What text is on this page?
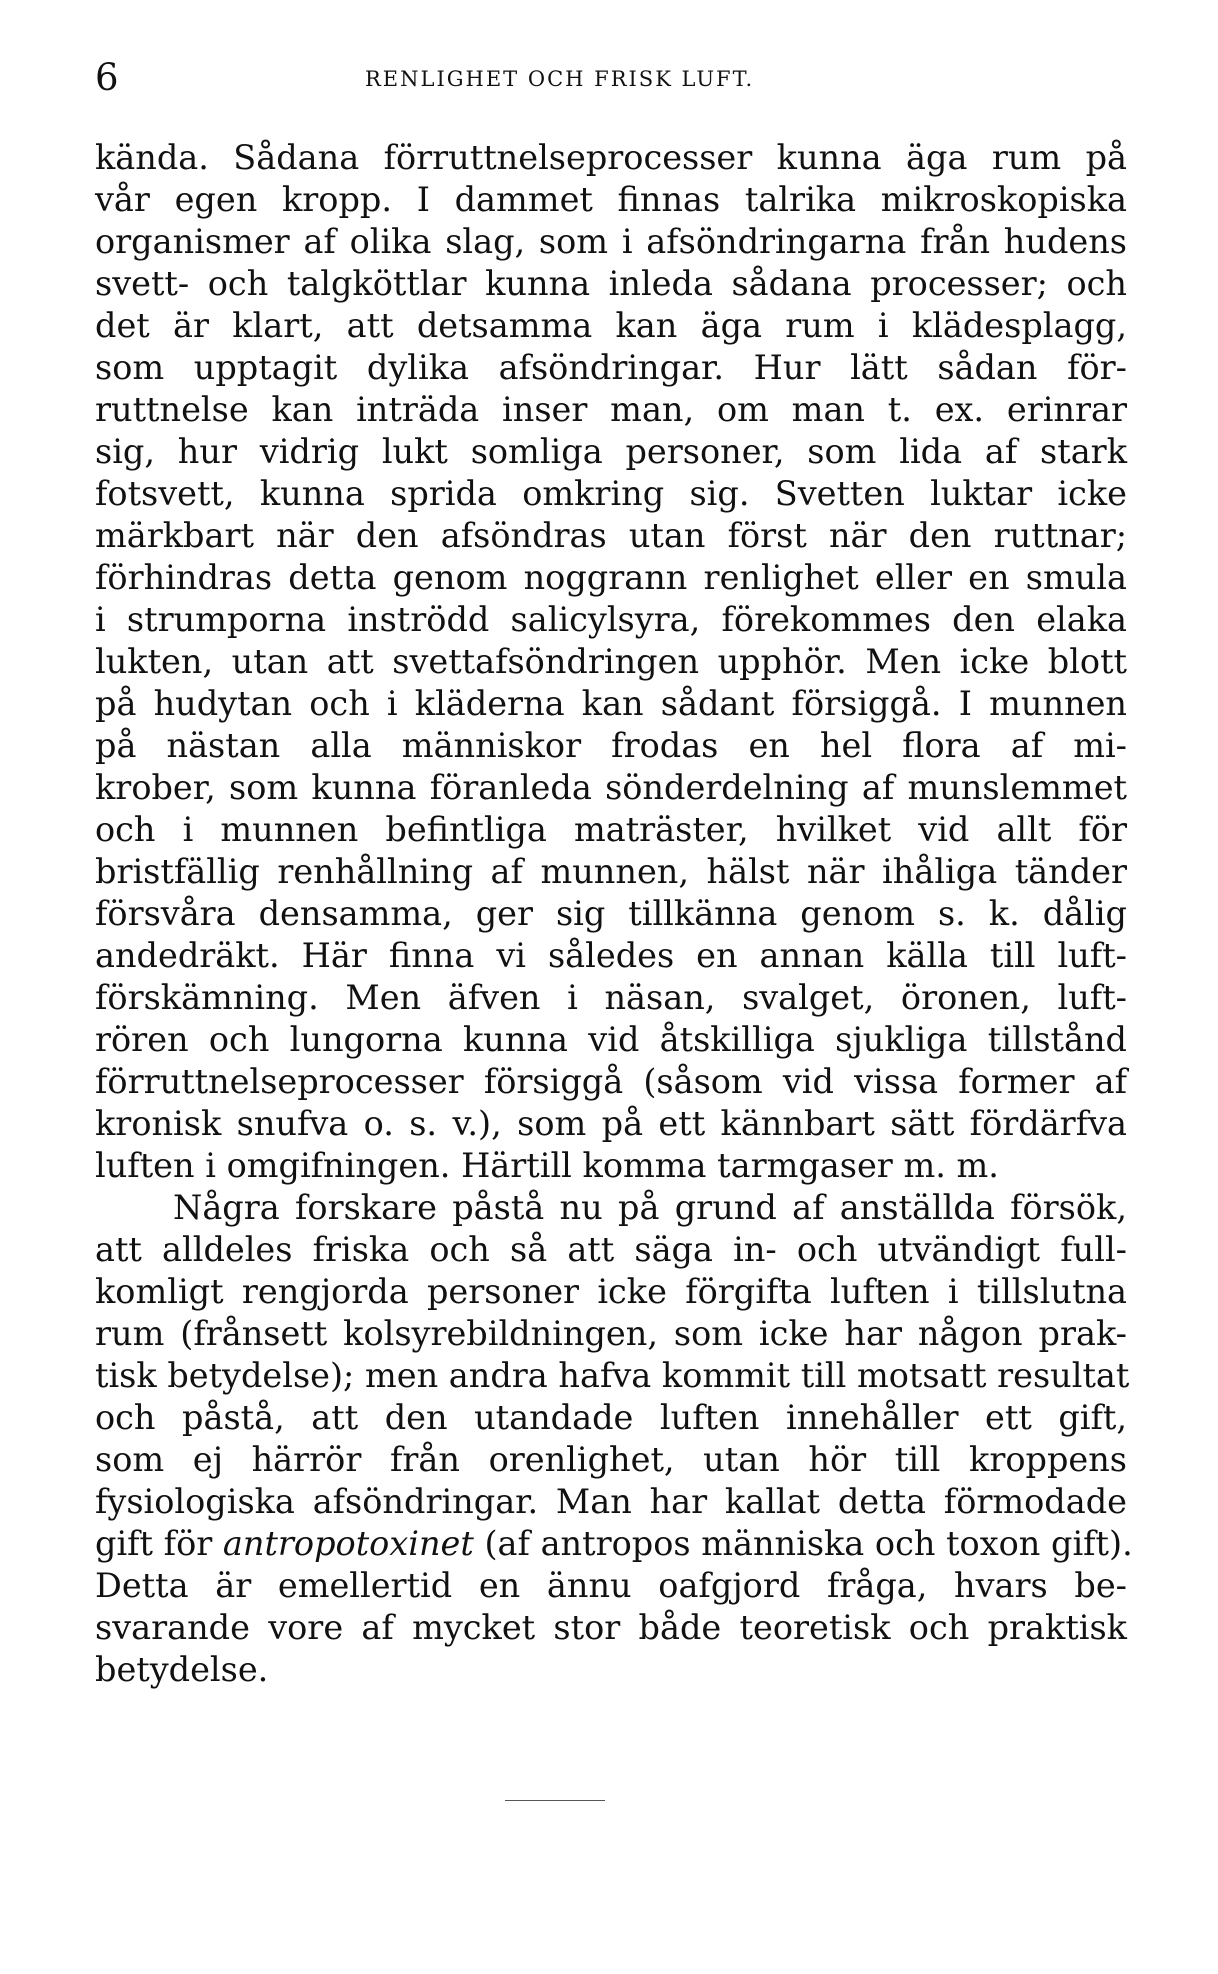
6	RENLIGHET OCH FRISK LUFT.
kända. Sådana förruttnelseprocesser kunna äga rum på
vår egen kropp. I dammet finnas talrika mikroskopiska
organismer af olika slag, som i afsöndringarna från hudens
svett- och talgköttlar kunna inleda sådana processer; och
det är klart, att detsamma kan äga rum i klädesplagg,
som upptagit dylika afsöndringar. Hur lätt sådan för-
ruttnelse kan inträda inser man, om man t. ex. erinrar
sig, hur vidrig lukt somliga personer, som lida af stark
fotsvett, kunna sprida omkring sig. Svetten luktar icke
märkbart när den afsöndras utan först när den ruttnar;
förhindras detta genom noggrann renlighet eller en smula
i strumporna inströdd salicylsyra, förekommes den elaka
lukten, utan att svettafsöndringen upphör. Men icke blott
på hudytan och i kläderna kan sådant försiggå. I munnen
på nästan alla människor frodas en hel flora af mi-
krober, som kunna föranleda sönderdelning af munslemmet
och i munnen befintliga maträster, hvilket vid allt för
bristfällig renhållning af munnen, hälst när ihåliga tänder
försvåra densamma, ger sig tillkänna genom s. k. dålig
andedräkt. Här finna vi således en annan källa till luft-
förskämning. Men äfven i näsan, svalget, öronen, luft-
rören och lungorna kunna vid åtskilliga sjukliga tillstånd
förruttnelseprocesser försiggå (såsom vid vissa former af
kronisk snufva o. s. v.), som på ett kännbart sätt fördärfva
luften i omgifningen. Härtill komma tarmgaser m. m.
Några forskare påstå nu på grund af anställda försök,
att alldeles friska och så att säga in- och utvändigt full-
komligt rengjorda personer icke förgifta luften i tillslutna
rum (frånsett kolsyrebildningen, som icke har någon prak-
tisk betydelse); men andra hafva kommit till motsatt resultat
och påstå, att den utandade luften innehåller ett gift,
som ej härrör från orenlighet, utan hör till kroppens
fysiologiska afsöndringar. Man har kallat detta förmodade
gift för antropotoxinet (af antropos människa och toxon gift).
Detta är emellertid en ännu oafgjord fråga, hvars be-
svarande vore af mycket stor både teoretisk och praktisk
betydelse.
